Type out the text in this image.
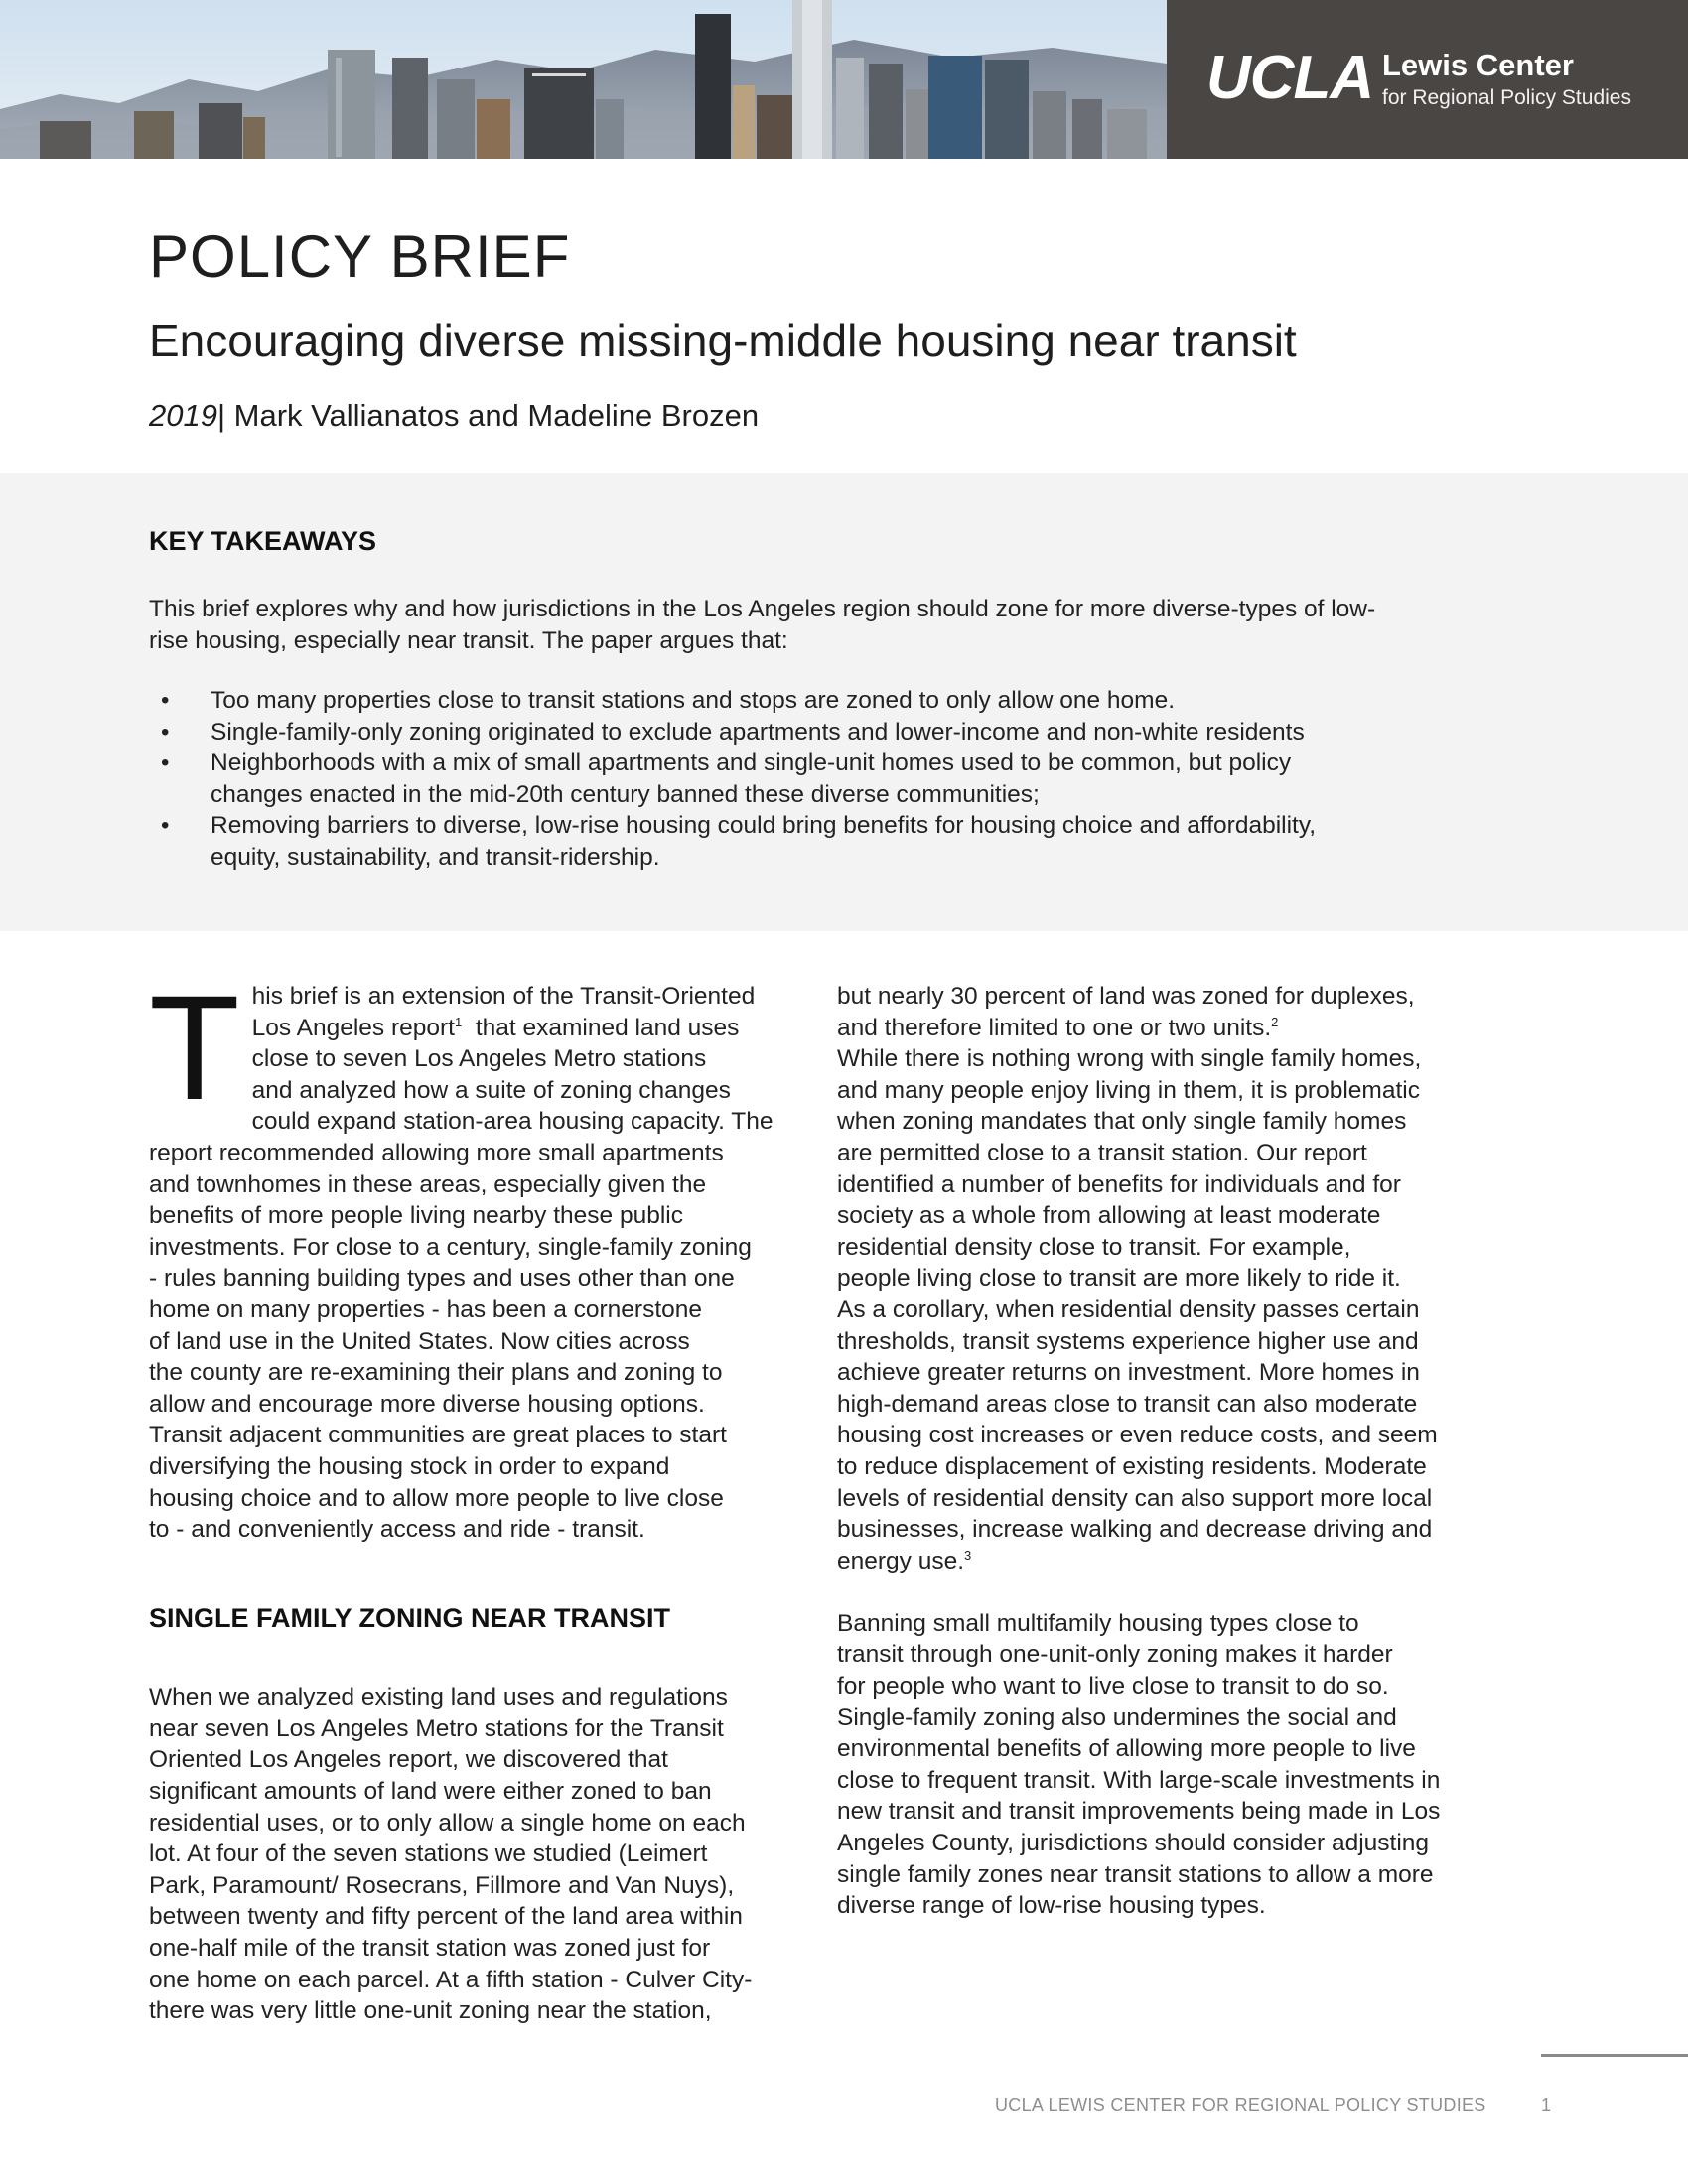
UCLA Lewis Center
for Regional Policy Studies
POLICY BRIEF
Encouraging diverse missing-middle housing near transit
2019| Mark Vallianatos and Madeline Brozen
KEY TAKEAWAYS

This brief explores why and how jurisdictions in the Los Angeles region should zone for more diverse-types of low-
rise housing, especially near transit. The paper argues that:

• Too many properties close to transit stations and stops are zoned to only allow one home.
• Single-family-only zoning originated to exclude apartments and lower-income and non-white residents
• Neighborhoods with a mix of small apartments and single-unit homes used to be common, but policy
changes enacted in the mid-20th century banned these diverse communities;
• Removing barriers to diverse, low-rise housing could bring benefits for housing choice and affordability,
equity, sustainability, and transit-ridership.

T his brief is an extension of the Transit-Oriented
Los Angeles report$^1$ that examined land uses
close to seven Los Angeles Metro stations
and analyzed how a suite of zoning changes
could expand station-area housing capacity. The
report recommended allowing more small apartments
and townhomes in these areas, especially given the
benefits of more people living nearby these public
investments. For close to a century, single-family zoning
- rules banning building types and uses other than one
home on many properties - has been a cornerstone
of land use in the United States. Now cities across
the county are re-examining their plans and zoning to
allow and encourage more diverse housing options.
Transit adjacent communities are great places to start
diversifying the housing stock in order to expand
housing choice and to allow more people to live close
to - and conveniently access and ride - transit.

SINGLE FAMILY ZONING NEAR TRANSIT

When we analyzed existing land uses and regulations
near seven Los Angeles Metro stations for the Transit
Oriented Los Angeles report, we discovered that
significant amounts of land were either zoned to ban
residential uses, or to only allow a single home on each
lot. At four of the seven stations we studied (Leimert
Park, Paramount/ Rosecrans, Fillmore and Van Nuys),
between twenty and fifty percent of the land area within
one-half mile of the transit station was zoned just for
one home on each parcel. At a fifth station - Culver City-
there was very little one-unit zoning near the station,

but nearly 30 percent of land was zoned for duplexes,
and therefore limited to one or two units.$^2$

While there is nothing wrong with single family homes,
and many people enjoy living in them, it is problematic
when zoning mandates that only single family homes
are permitted close to a transit station. Our report
identified a number of benefits for individuals and for
society as a whole from allowing at least moderate
residential density close to transit. For example,
people living close to transit are more likely to ride it.
As a corollary, when residential density passes certain
thresholds, transit systems experience higher use and
achieve greater returns on investment. More homes in
high-demand areas close to transit can also moderate
housing cost increases or even reduce costs, and seem
to reduce displacement of existing residents. Moderate
levels of residential density can also support more local
businesses, increase walking and decrease driving and
energy use.$^3$

Banning small multifamily housing types close to
transit through one-unit-only zoning makes it harder
for people who want to live close to transit to do so.
Single-family zoning also undermines the social and
environmental benefits of allowing more people to live
close to frequent transit. With large-scale investments in
new transit and transit improvements being made in Los
Angeles County, jurisdictions should consider adjusting
single family zones near transit stations to allow a more
diverse range of low-rise housing types.

UCLA LEWIS CENTER FOR REGIONAL POLICY STUDIES	1
